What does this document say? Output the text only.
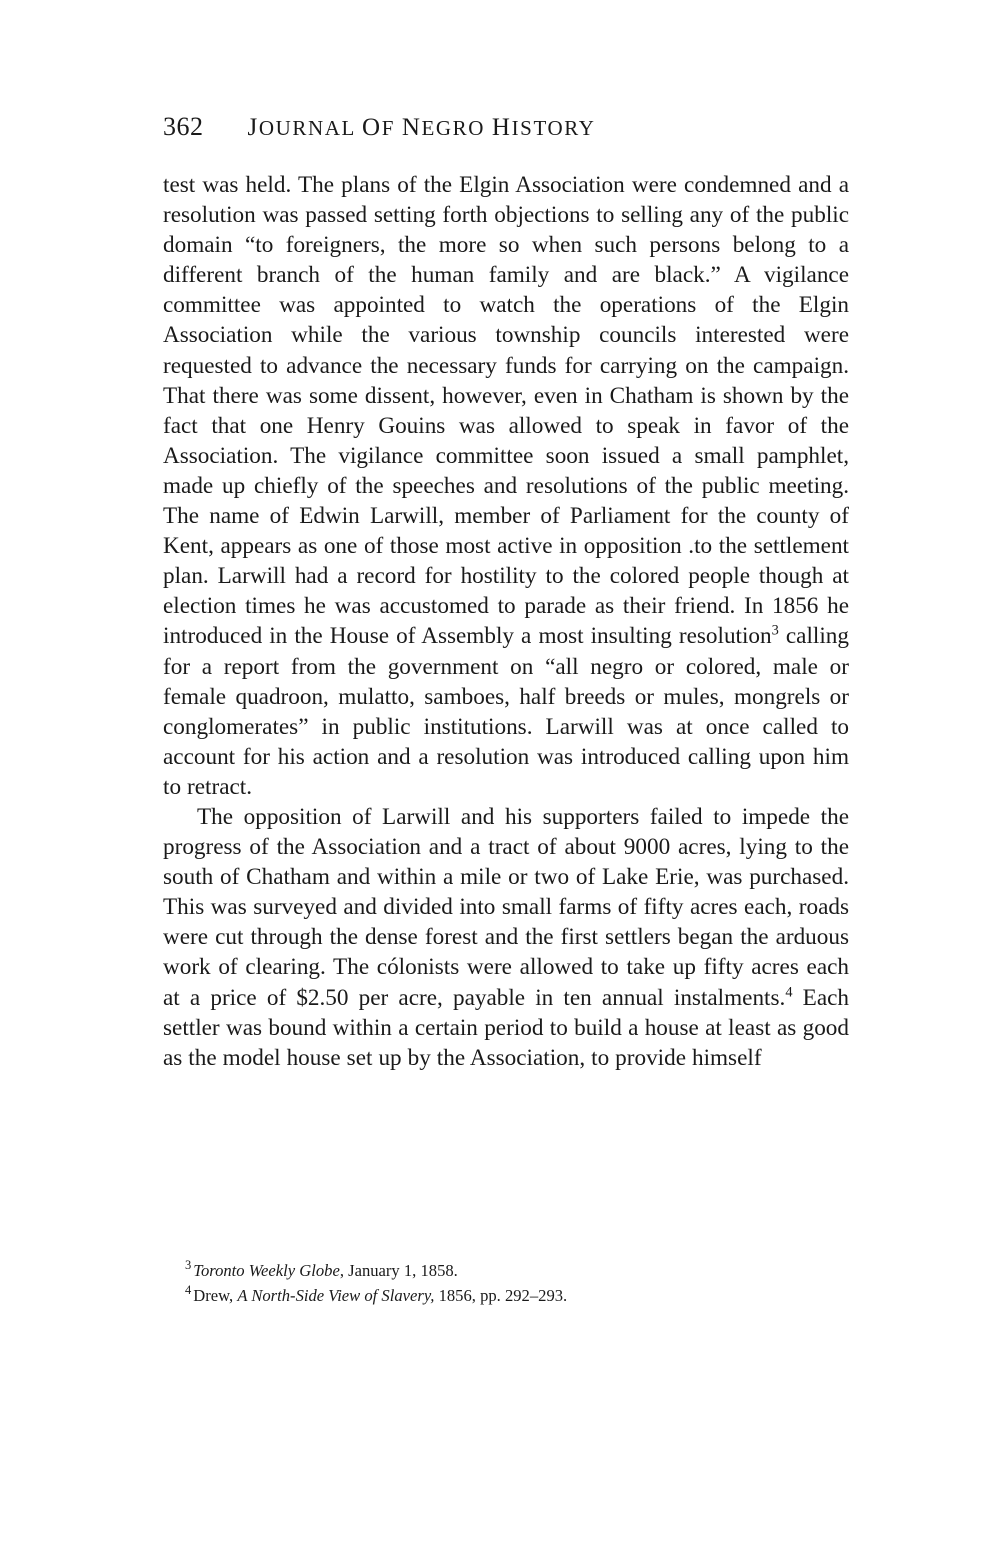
362 JOURNAL OF NEGRO HISTORY

test was held. The plans of the Elgin Association were condemned and a resolution was passed setting forth objections to selling any of the public domain “to foreigners, the more so when such persons belong to a different branch of the human family and are black.” A vigilance committee was appointed to watch the operations of the Elgin Association while the various township councils interested were requested to advance the necessary funds for carrying on the campaign. That there was some dissent, however, even in Chatham is shown by the fact that one Henry Gouins was allowed to speak in favor of the Association. The vigilance committee soon issued a small pamphlet, made up chiefly of the speeches and resolutions of the public meeting. The name of Edwin Larwill, member of Parliament for the county of Kent, appears as one of those most active in opposition .to the settlement plan. Larwill had a record for hostility to the colored people though at election times he was accustomed to parade as their friend. In 1856 he introduced in the House of Assembly a most insulting resolution$^3$ calling for a report from the government on “all negro or colored, male or female quadroon, mulatto, samboes, half breeds or mules, mongrels or conglomerates” in public institutions. Larwill was at once called to account for his action and a resolution was introduced calling upon him to retract.

The opposition of Larwill and his supporters failed to impede the progress of the Association and a tract of about 9000 acres, lying to the south of Chatham and within a mile or two of Lake Erie, was purchased. This was surveyed and divided into small farms of fifty acres each, roads were cut through the dense forest and the first settlers began the arduous work of clearing. The cólonists were allowed to take up fifty acres each at a price of $2.50 per acre, payable in ten annual instalments.$^4$ Each settler was bound within a certain period to build a house at least as good as the model house set up by the Association, to provide himself

$^3$ Toronto Weekly Globe, January 1, 1858.

$^4$ Drew, A North-Side View of Slavery, 1856, pp. 292–293.
